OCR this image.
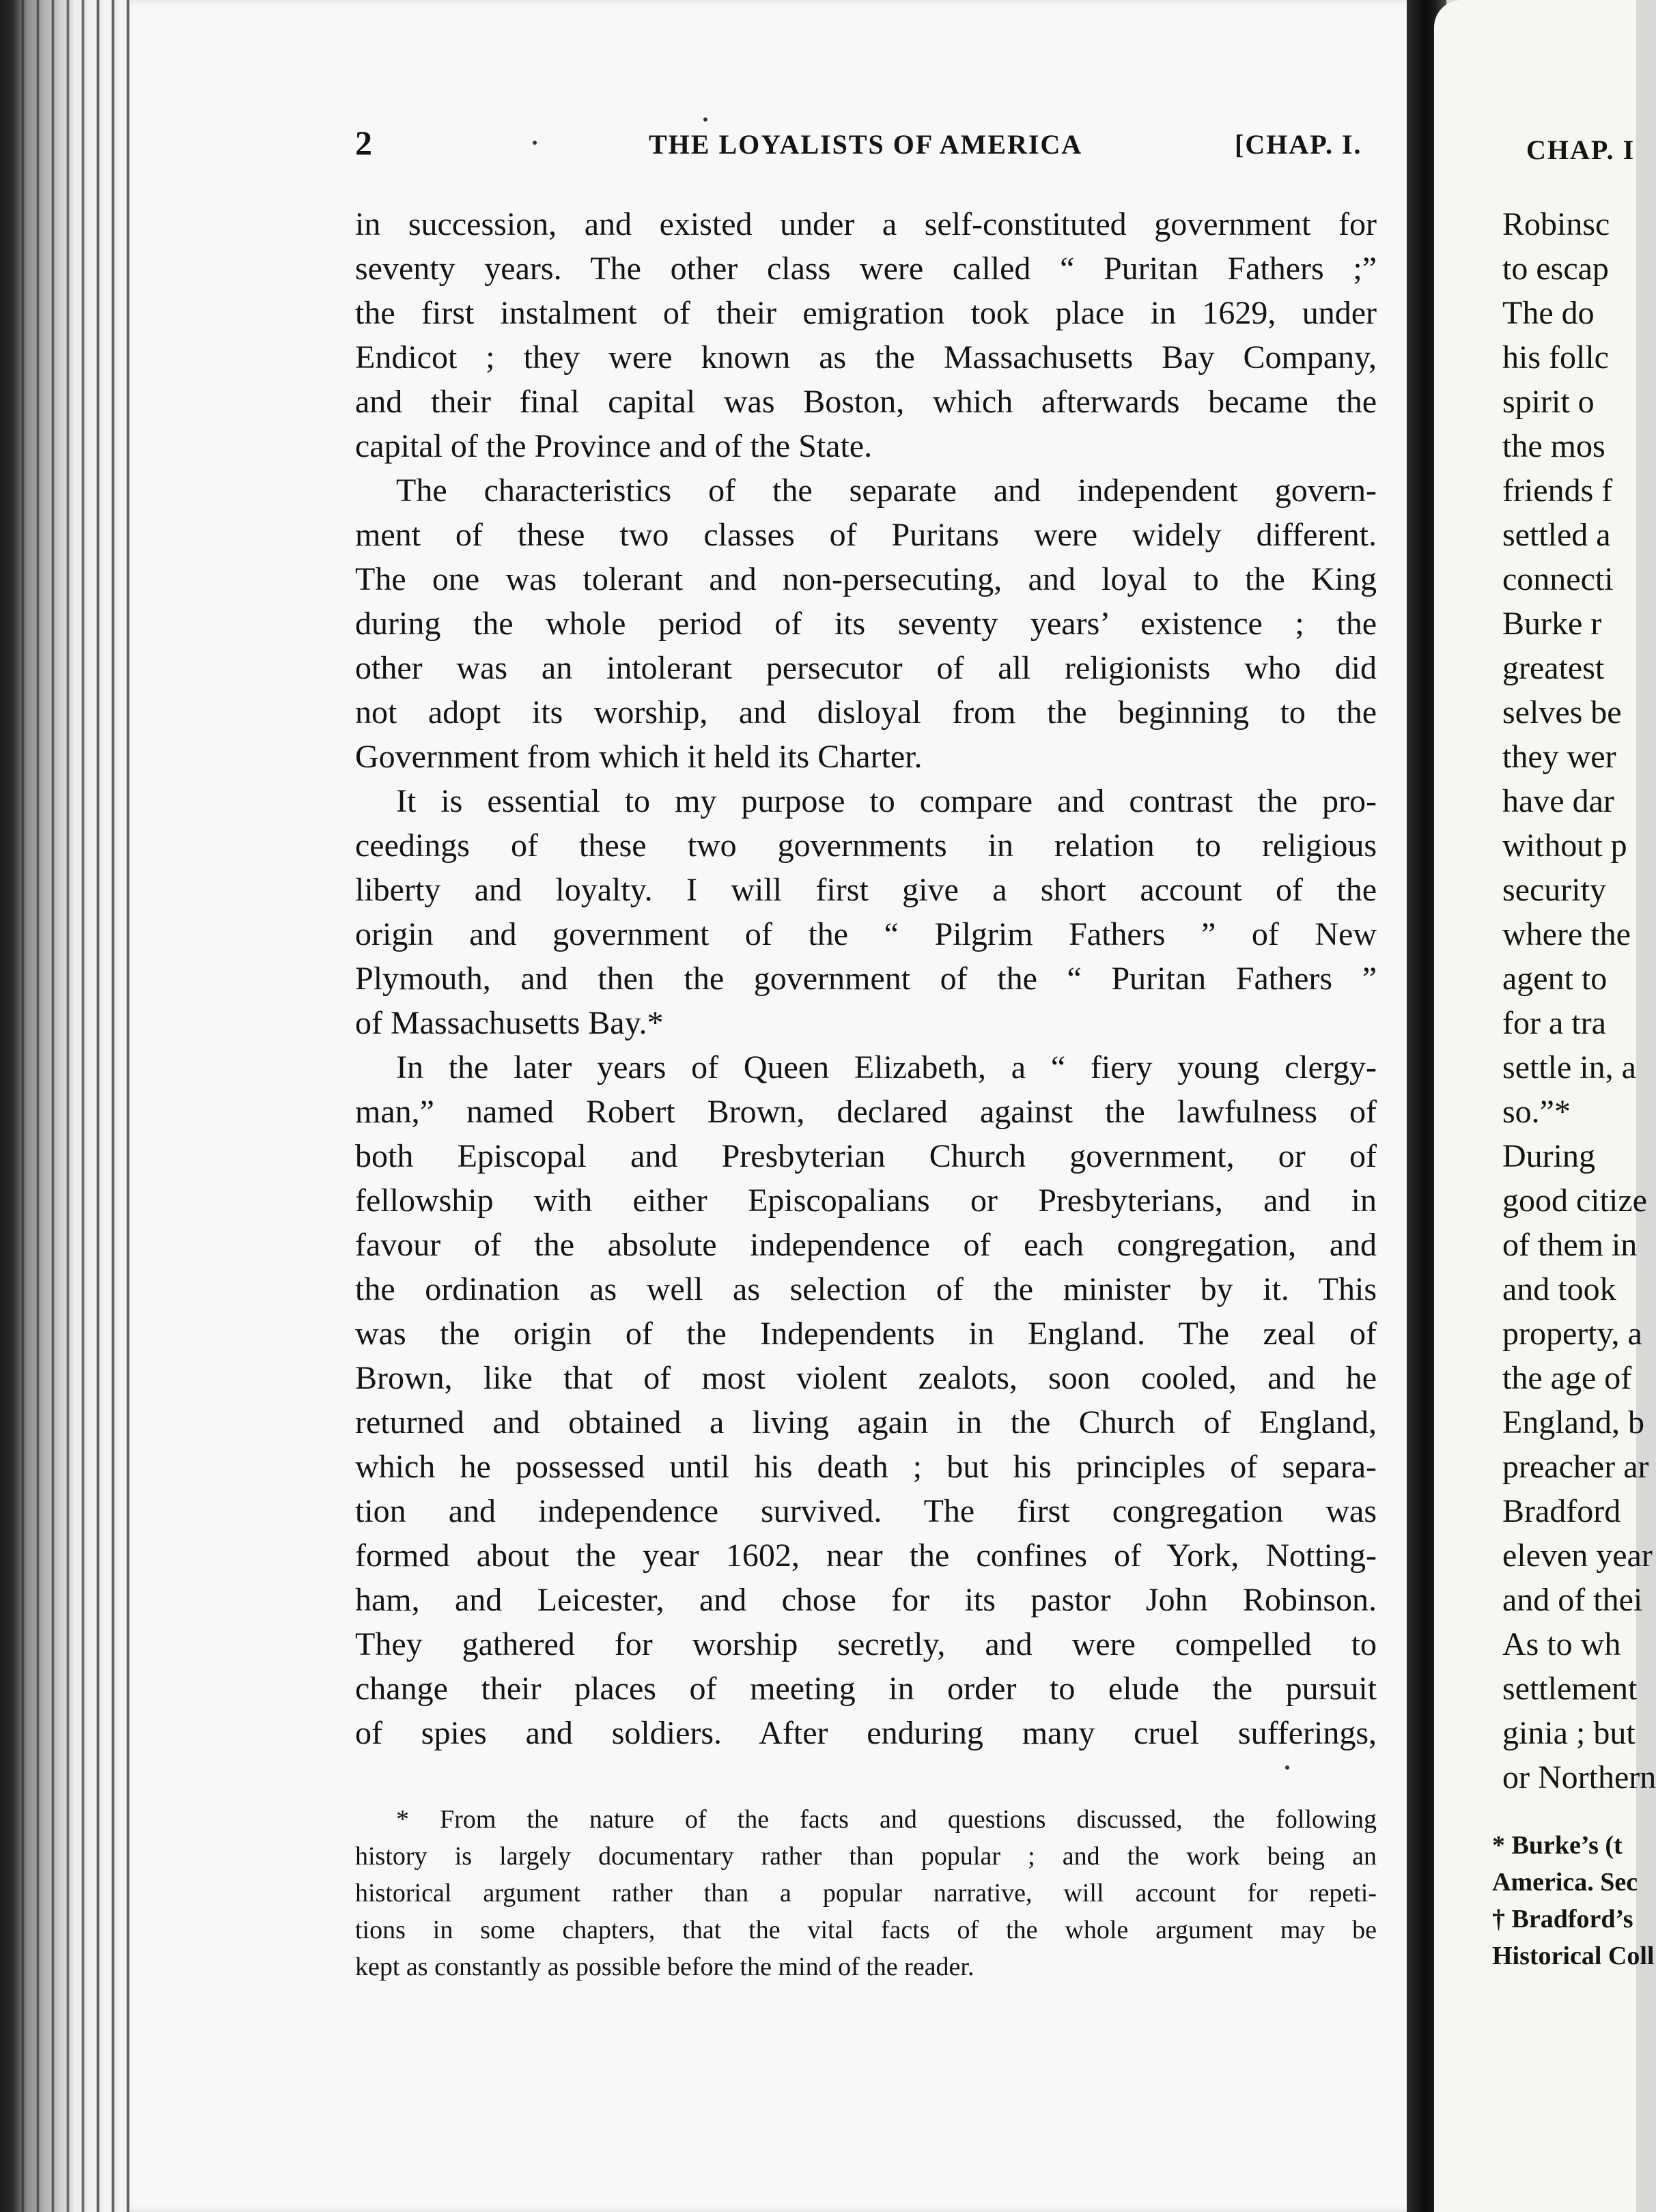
CHAP. I
Robinsc
to escap
The do
his follc
spirit o
the mos
friends f
settled a
connecti
Burke r
greatest
selves be
they wer
have dar
without p
security
where the
agent to
for a tra
settle in, a
so.”*
During
good citize
of them in
and took
property, a
the age of
England, b
preacher ar
Bradford
eleven year
and of thei
As to wh
settlement
ginia ; but
or Northern
* Burke’s (t
America. Sec
† Bradford’s
Historical Coll
2	THE LOYALISTS OF AMERICA	[CHAP. I.
in succession, and existed under a self-constituted government for
seventy years. The other class were called “ Puritan Fathers ;”
the first instalment of their emigration took place in 1629, under
Endicot ; they were known as the Massachusetts Bay Company,
and their final capital was Boston, which afterwards became the
capital of the Province and of the State.
The characteristics of the separate and independent govern-
ment of these two classes of Puritans were widely different.
The one was tolerant and non-persecuting, and loyal to the King
during the whole period of its seventy years’ existence ; the
other was an intolerant persecutor of all religionists who did
not adopt its worship, and disloyal from the beginning to the
Government from which it held its Charter.
It is essential to my purpose to compare and contrast the pro-
ceedings of these two governments in relation to religious
liberty and loyalty. I will first give a short account of the
origin and government of the “ Pilgrim Fathers ” of New
Plymouth, and then the government of the “ Puritan Fathers ”
of Massachusetts Bay.*
In the later years of Queen Elizabeth, a “ fiery young clergy-
man,” named Robert Brown, declared against the lawfulness of
both Episcopal and Presbyterian Church government, or of
fellowship with either Episcopalians or Presbyterians, and in
favour of the absolute independence of each congregation, and
the ordination as well as selection of the minister by it. This
was the origin of the Independents in England. The zeal of
Brown, like that of most violent zealots, soon cooled, and he
returned and obtained a living again in the Church of England,
which he possessed until his death ; but his principles of separa-
tion and independence survived. The first congregation was
formed about the year 1602, near the confines of York, Notting-
ham, and Leicester, and chose for its pastor John Robinson.
They gathered for worship secretly, and were compelled to
change their places of meeting in order to elude the pursuit
of spies and soldiers. After enduring many cruel sufferings,
* From the nature of the facts and questions discussed, the following
history is largely documentary rather than popular ; and the work being an
historical argument rather than a popular narrative, will account for repeti-
tions in some chapters, that the vital facts of the whole argument may be
kept as constantly as possible before the mind of the reader.
